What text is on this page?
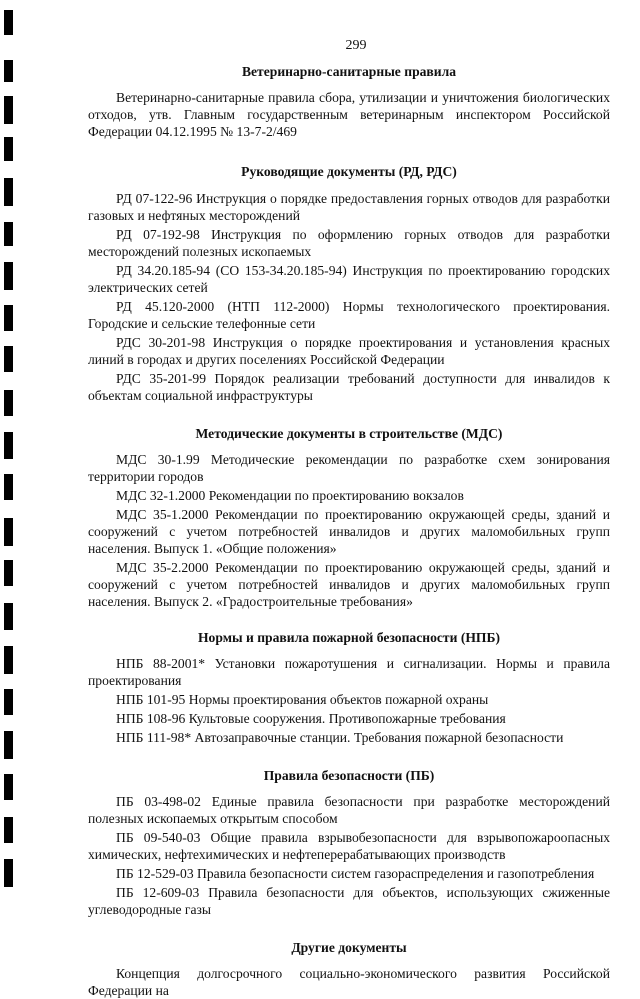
299
Ветеринарно-санитарные правила

Ветеринарно-санитарные правила сбора, утилизации и уничтожения биологических отходов, утв. Главным государственным ветеринарным инспектором Российской Федерации 04.12.1995 № 13-7-2/469

Руководящие документы (РД, РДС)

РД 07-122-96 Инструкция о порядке предоставления горных отводов для разработки газовых и нефтяных месторождений

РД 07-192-98 Инструкция по оформлению горных отводов для разработки месторождений полезных ископаемых

РД 34.20.185-94 (СО 153-34.20.185-94) Инструкция по проектированию городских электрических сетей

РД 45.120-2000 (НТП 112-2000) Нормы технологического проектирования. Городские и сельские телефонные сети

РДС 30-201-98 Инструкция о порядке проектирования и установления красных линий в городах и других поселениях Российской Федерации

РДС 35-201-99 Порядок реализации требований доступности для инвалидов к объектам социальной инфраструктуры

Методические документы в строительстве (МДС)

МДС 30-1.99 Методические рекомендации по разработке схем зонирования территории городов

МДС 32-1.2000 Рекомендации по проектированию вокзалов

МДС 35-1.2000 Рекомендации по проектированию окружающей среды, зданий и сооружений с учетом потребностей инвалидов и других маломобильных групп населения. Выпуск 1. «Общие положения»

МДС 35-2.2000 Рекомендации по проектированию окружающей среды, зданий и сооружений с учетом потребностей инвалидов и других маломобильных групп населения. Выпуск 2. «Градостроительные требования»

Нормы и правила пожарной безопасности (НПБ)

НПБ 88-2001* Установки пожаротушения и сигнализации. Нормы и правила проектирования

НПБ 101-95 Нормы проектирования объектов пожарной охраны

НПБ 108-96 Культовые сооружения. Противопожарные требования

НПБ 111-98* Автозаправочные станции. Требования пожарной безопасности

Правила безопасности (ПБ)

ПБ 03-498-02 Единые правила безопасности при разработке месторождений полезных ископаемых открытым способом

ПБ 09-540-03 Общие правила взрывобезопасности для взрывопожароопасных химических, нефтехимических и нефтеперерабатывающих производств

ПБ 12-529-03 Правила безопасности систем газораспределения и газопотребления

ПБ 12-609-03 Правила безопасности для объектов, использующих сжиженные углеводородные газы

Другие документы

Концепция долгосрочного социально-экономического развития Российской Федерации на
